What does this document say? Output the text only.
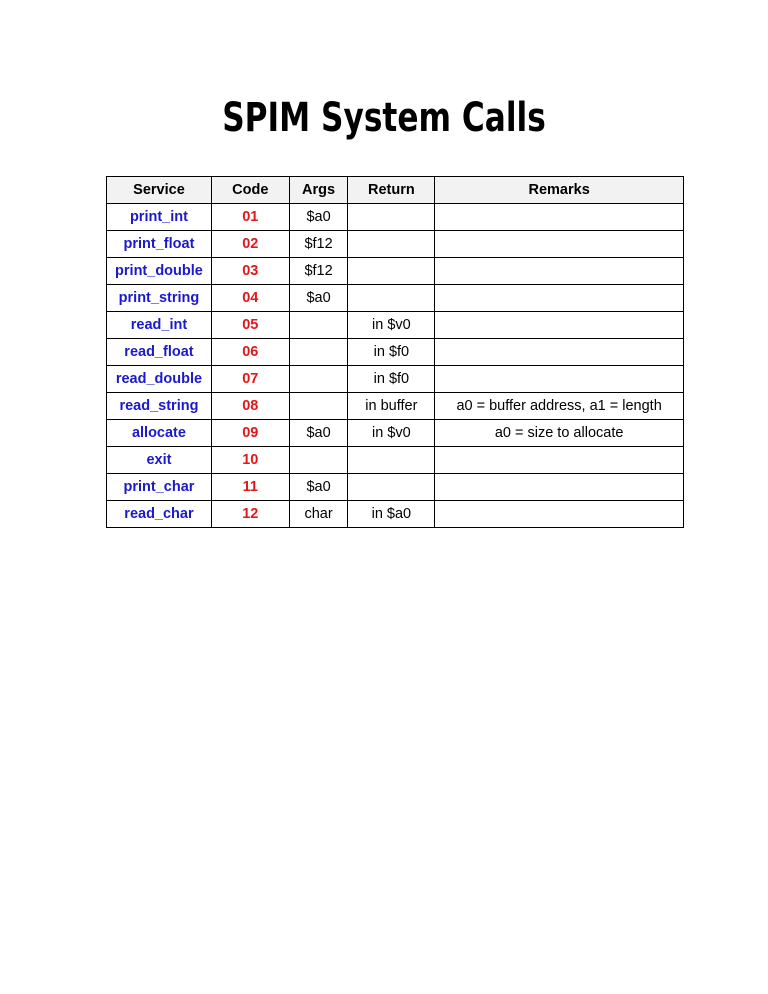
SPIM System Calls
Service	Code	Args	Return	Remarks
print_int	01	$a0		
print_float	02	$f12		
print_double	03	$f12		
print_string	04	$a0		
read_int	05		in $v0	
read_float	06		in $f0	
read_double	07		in $f0	
read_string	08		in buffer	a0 = buffer address, a1 = length
allocate	09	$a0	in $v0	a0 = size to allocate
exit	10			
print_char	11	$a0		
read_char	12	char	in $a0	
